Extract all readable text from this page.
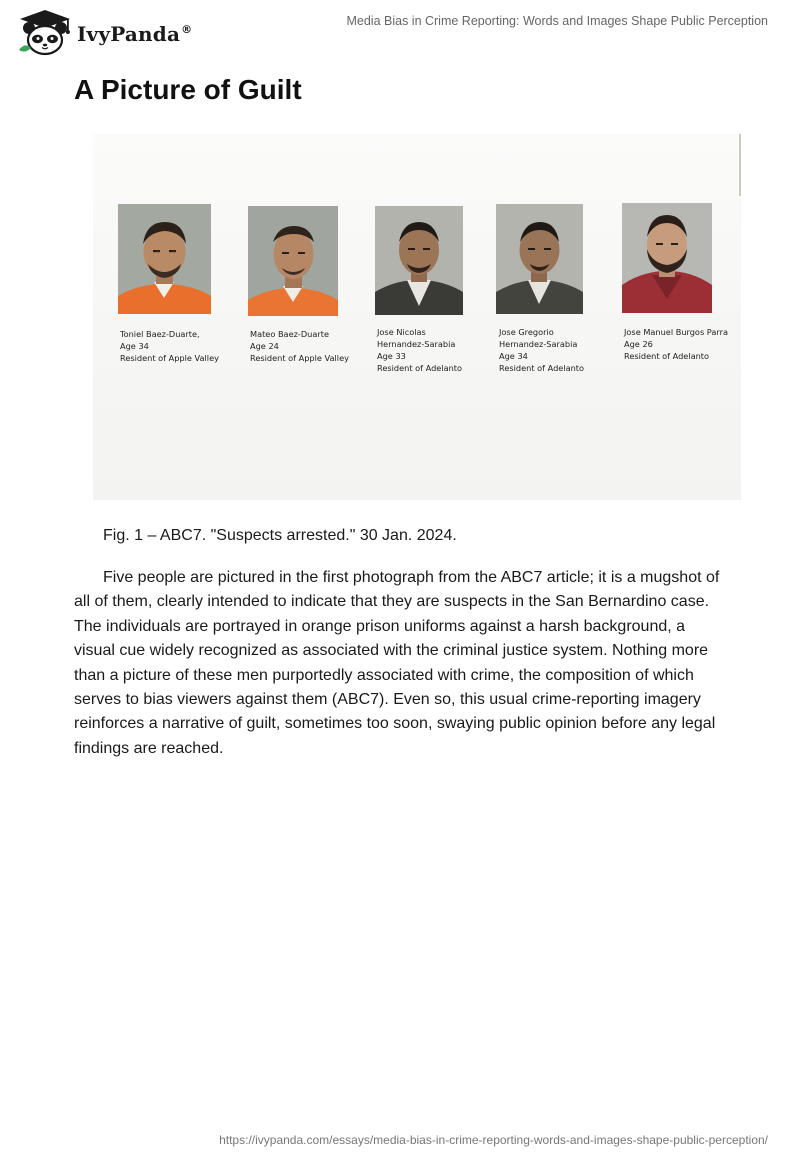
IvyPanda®
Media Bias in Crime Reporting: Words and Images Shape Public Perception
A Picture of Guilt
Toniel Baez-Duarte,
Age 34
Resident of Apple Valley
Mateo Baez-Duarte
Age 24
Resident of Apple Valley
Jose Nicolas
Hernandez-Sarabia
Age 33
Resident of Adelanto
Jose Gregorio
Hernandez-Sarabia
Age 34
Resident of Adelanto
Jose Manuel Burgos Parra
Age 26
Resident of Adelanto
Fig. 1 – ABC7. "Suspects arrested." 30 Jan. 2024.

Five people are pictured in the first photograph from the ABC7 article; it is a mugshot of all of them, clearly intended to indicate that they are suspects in the San Bernardino case. The individuals are portrayed in orange prison uniforms against a harsh background, a visual cue widely recognized as associated with the criminal justice system. Nothing more than a picture of these men purportedly associated with crime, the composition of which serves to bias viewers against them (ABC7). Even so, this usual crime-reporting imagery reinforces a narrative of guilt, sometimes too soon, swaying public opinion before any legal findings are reached.

https://ivypanda.com/essays/media-bias-in-crime-reporting-words-and-images-shape-public-perception/
